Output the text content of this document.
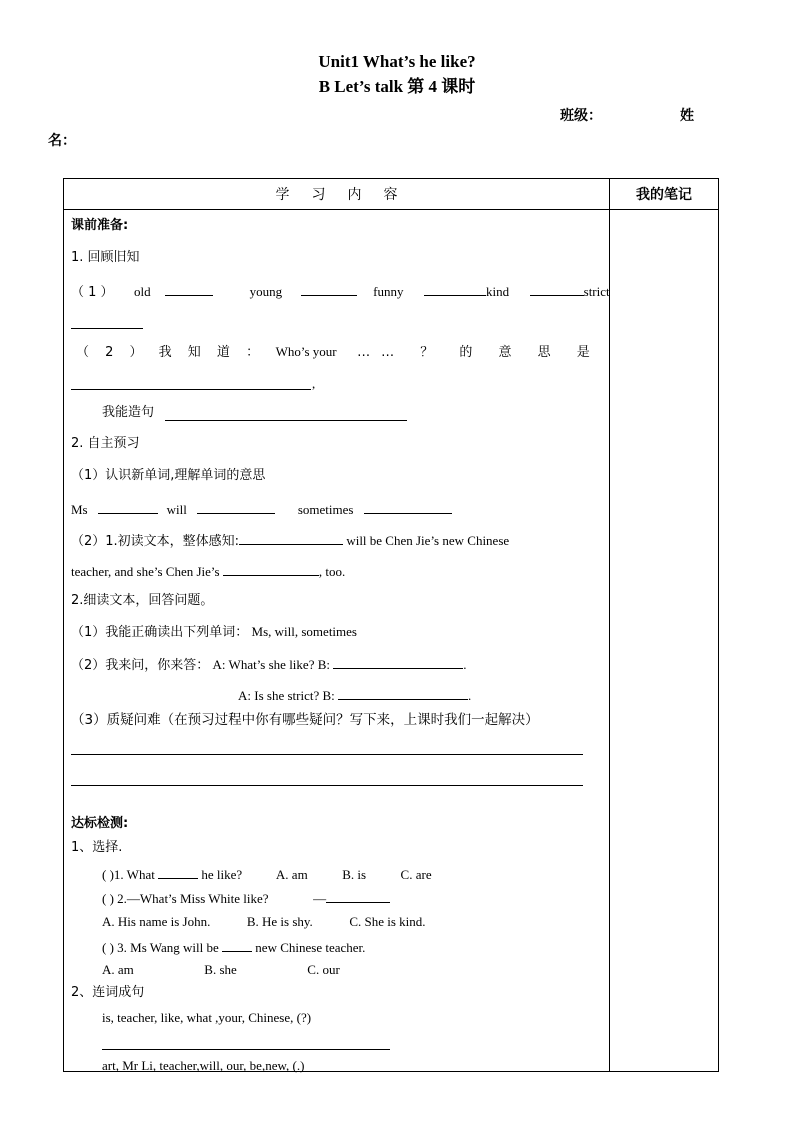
Unit1 What’s he like?
B Let’s talk 第 4 课时
班级：	姓
名：
学习内容	我的笔记
课前准备:
1. 回顾旧知
（ 1 ） old	young	funny	kind	strict
（ 2 ） 我 知 道 ： Who’s your …… ？ 的 意 思 是
,
我能造句
2. 自主预习
（1）认识新单词,理解单词的意思
Ms	will	sometimes
（2）1.初读文本，整体感知:	will be Chen Jie’s new Chinese
teacher, and she’s Chen Jie’s	, too.
2.细读文本，回答问题。
（1）我能正确读出下列单词： Ms, will, sometimes
（2）我来问，你来答： A: What’s she like? B:	.
A: Is she strict? B:	.
（3）质疑问难（在预习过程中你有哪些疑问？写下来，上课时我们一起解决）
达标检测:
1、选择.
( )1. What	he like?	A. am	B. is	C. are
( ) 2.—What’s Miss White like?	—
A. His name is John.	B. He is shy.	C. She is kind.
( ) 3. Ms Wang will be	new Chinese teacher.
A. am	B. she	C. our
2、连词成句
is, teacher, like, what ,your, Chinese, (?)
art, Mr Li, teacher,will, our, be,new, (.)
